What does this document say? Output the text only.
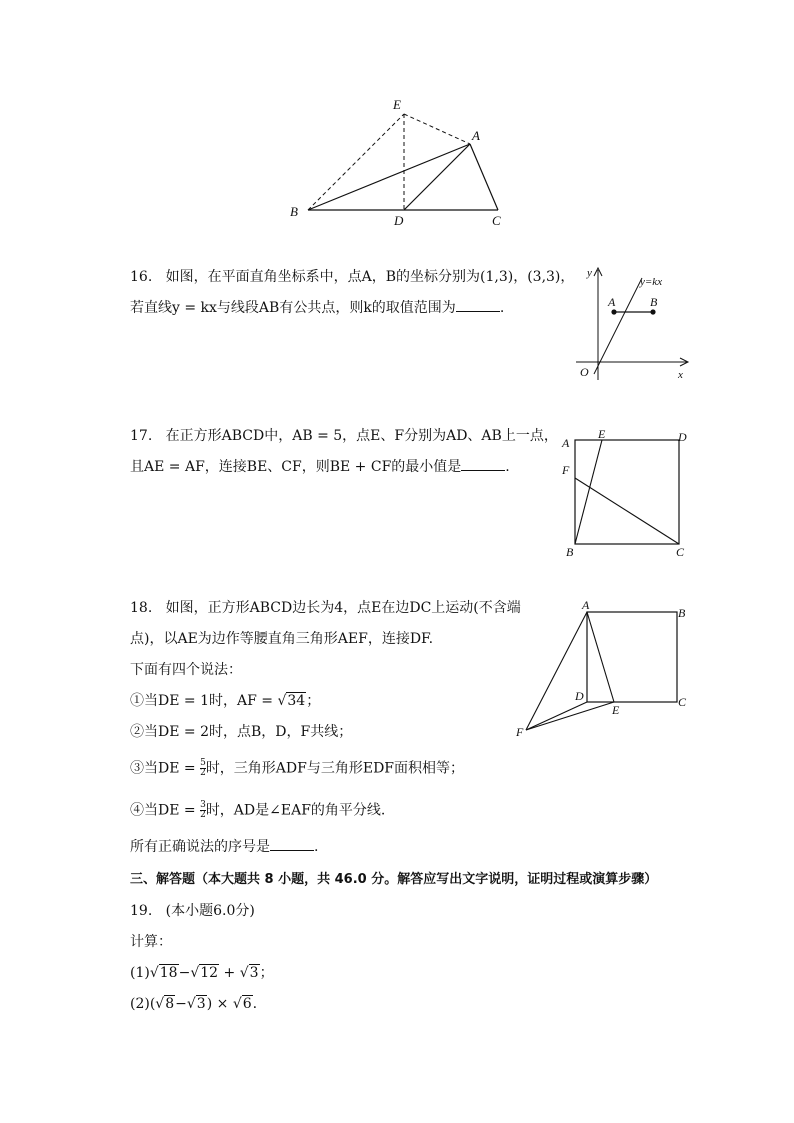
E
A
B
D	C
16. 如图，在平面直角坐标系中，点A，B的坐标分别为(1,3)，(3,3)，
若直线y = kx与线段AB有公共点，则k的取值范围为	.
y
x
O
A	B
y=kx
17. 在正方形ABCD中，AB = 5，点E、F分别为AD、AB上一点，
且AE = AF，连接BE、CF，则BE + CF的最小值是	.
A
E	D
F
B	C
18. 如图，正方形ABCD边长为4，点E在边DC上运动(不含端
点)，以AE为边作等腰直角三角形AEF，连接DF.
下面有四个说法：
①当DE = 1时，AF = √34；
②当DE = 2时，点B，D，F共线；
③当DE = $\frac{5}{2}$ 时，三角形ADF与三角形EDF面积相等；
④当DE = $\frac{3}{2}$ 时，AD是∠EAF的角平分线.
所有正确说法的序号是	.
A
B
D	C
E
F
三、解答题（本大题共 8 小题，共 46.0 分。解答应写出文字说明，证明过程或演算步骤）
19. (本小题6.0分)
计算：
(1)√18−√12 + √3；
(2)(√8−√3) × √6.
